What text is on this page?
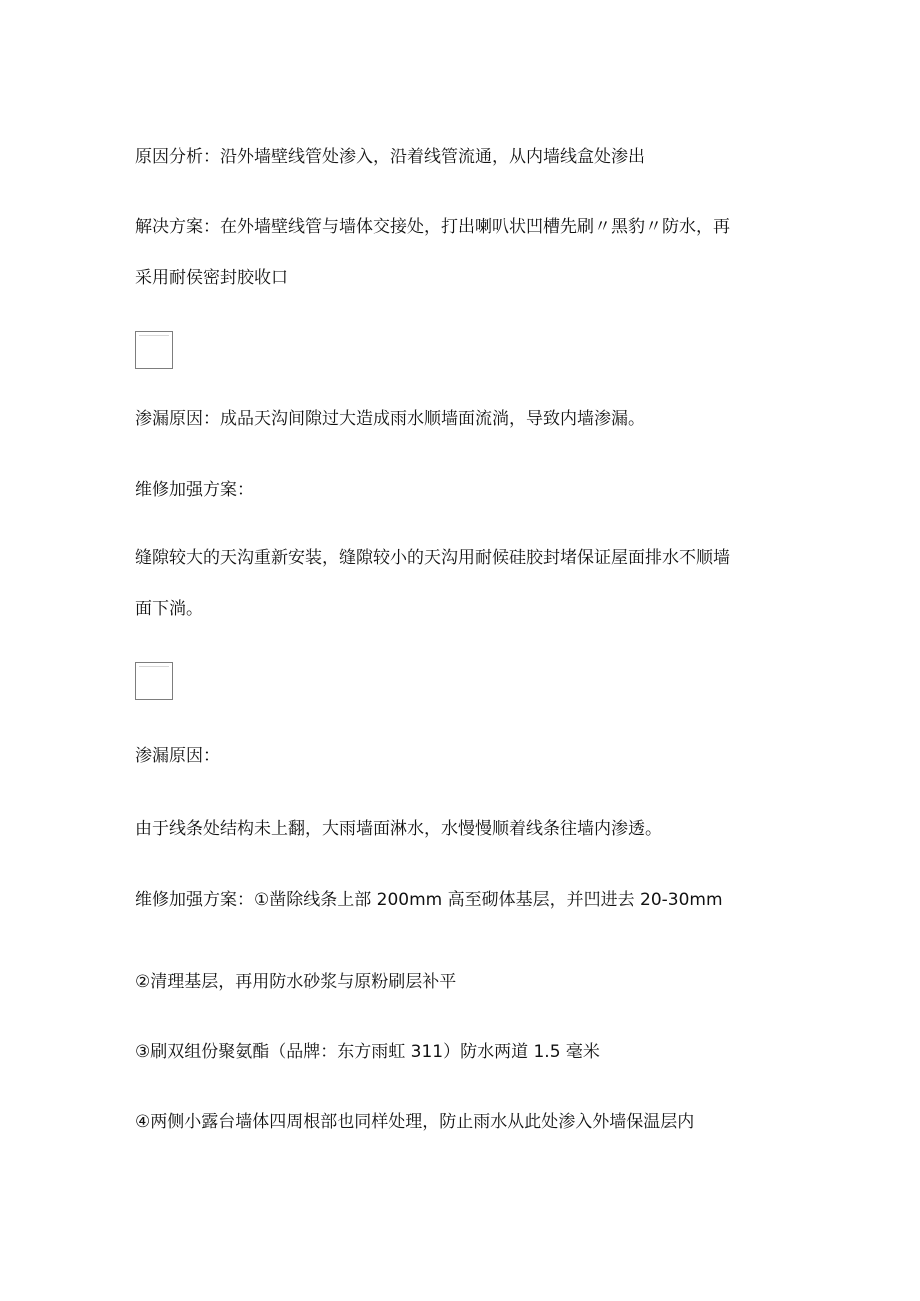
原因分析：沿外墙壁线管处渗入，沿着线管流通，从内墙线盒处渗出
解决方案：在外墙壁线管与墙体交接处，打出喇叭状凹槽先刷〃黑豹〃防水，再
采用耐侯密封胶收口
渗漏原因：成品天沟间隙过大造成雨水顺墙面流淌，导致内墙渗漏。
维修加强方案：
缝隙较大的天沟重新安装，缝隙较小的天沟用耐候硅胶封堵保证屋面排水不顺墙
面下淌。
渗漏原因：
由于线条处结构未上翻，大雨墙面淋水，水慢慢顺着线条往墙内渗透。
维修加强方案：①凿除线条上部 200mm 高至砌体基层，并凹进去 20-30mm
②清理基层，再用防水砂浆与原粉刷层补平
③刷双组份聚氨酯（品牌：东方雨虹 311）防水两道 1.5 毫米
④两侧小露台墙体四周根部也同样处理，防止雨水从此处渗入外墙保温层内
